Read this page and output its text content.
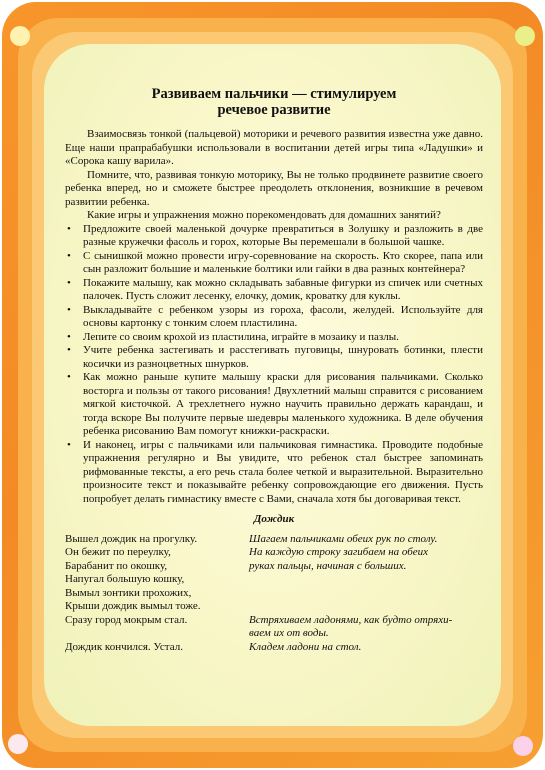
Развиваем пальчики — стимулируем
речевое развитие

Взаимосвязь тонкой (пальцевой) моторики и речевого развития известна уже давно. Еще наши прапрабабушки использовали в воспитании детей игры типа «Ладушки» и «Сорока кашу варила».

Помните, что, развивая тонкую моторику, Вы не только продвинете развитие своего ребенка вперед, но и сможете быстрее преодолеть отклонения, возникшие в речевом развитии ребенка.

Какие игры и упражнения можно порекомендовать для домашних занятий?

• Предложите своей маленькой дочурке превратиться в Золушку и разложить в две разные кружечки фасоль и горох, которые Вы перемешали в большой чашке.
• С сынишкой можно провести игру-соревнование на скорость. Кто скорее, папа или сын разложит большие и маленькие болтики или гайки в два разных контейнера?
• Покажите малышу, как можно складывать забавные фигурки из спичек или счетных палочек. Пусть сложит лесенку, елочку, домик, кроватку для куклы.
• Выкладывайте с ребенком узоры из гороха, фасоли, желудей. Используйте для основы картонку с тонким слоем пластилина.
• Лепите со своим крохой из пластилина, играйте в мозаику и пазлы.
• Учите ребенка застегивать и расстегивать пуговицы, шнуровать ботинки, плести косички из разноцветных шнурков.
• Как можно раньше купите малышу краски для рисования пальчиками. Сколько восторга и пользы от такого рисования! Двухлетний малыш справится с рисованием мягкой кисточкой. А трехлетнего нужно научить правильно держать карандаш, и тогда вскоре Вы получите первые шедевры маленького художника. В деле обучения ребенка рисованию Вам помогут книжки-раскраски.
• И наконец, игры с пальчиками или пальчиковая гимнастика. Проводите подобные упражнения регулярно и Вы увидите, что ребенок стал быстрее запоминать рифмованные тексты, а его речь стала более четкой и выразительной. Выразительно произносите текст и показывайте ребенку сопровождающие его движения. Пусть попробует делать гимнастику вместе с Вами, сначала хотя бы договаривая текст.
Дождик
Вышел дождик на прогулку.
Он бежит по переулку,
Барабанит по окошку,
Напугал большую кошку,
Вымыл зонтики прохожих,
Крыши дождик вымыл тоже.
Шагаем пальчиками обеих рук по столу.
На каждую строку загибаем на обеих
руках пальцы, начиная с больших.
Сразу город мокрым стал.	Встряхиваем ладонями, как будто отряхи-
ваем их от воды.
Дождик кончился. Устал.	Кладем ладони на стол.
